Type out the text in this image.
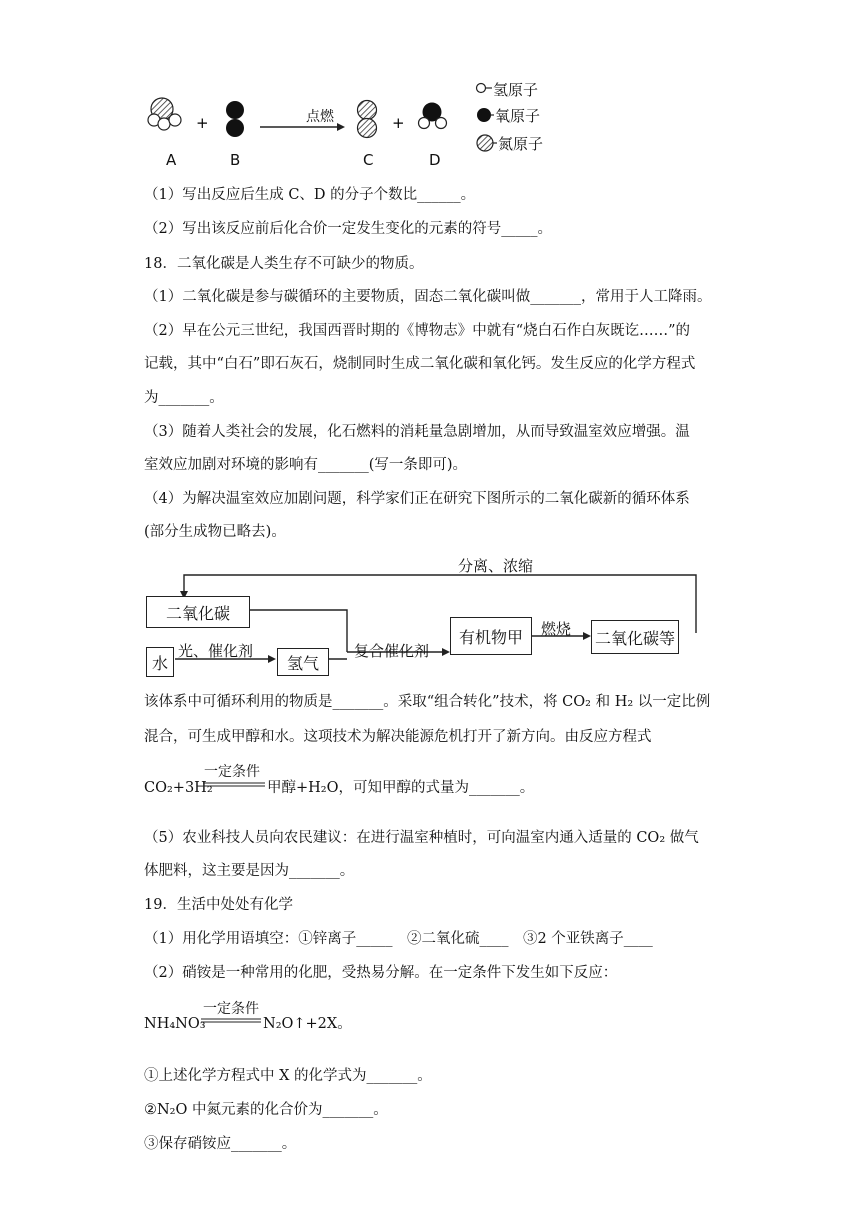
+	+
点燃
A	B	C	D
氢原子
氧原子
氮原子
（1）写出反应后生成 C、D 的分子个数比______。
（2）写出该反应前后化合价一定发生变化的元素的符号_____。
18．二氧化碳是人类生存不可缺少的物质。
（1）二氧化碳是参与碳循环的主要物质，固态二氧化碳叫做_______，常用于人工降雨。
（2）早在公元三世纪，我国西晋时期的《博物志》中就有“烧白石作白灰既讫……”的
记载，其中“白石”即石灰石，烧制同时生成二氧化碳和氧化钙。发生反应的化学方程式
为_______。
（3）随着人类社会的发展，化石燃料的消耗量急剧增加，从而导致温室效应增强。温
室效应加剧对环境的影响有_______(写一条即可)。
（4）为解决温室效应加剧问题，科学家们正在研究下图所示的二氧化碳新的循环体系
(部分生成物已略去)。
分离、浓缩
二氧化碳
水
光、催化剂
氢气
复合催化剂
有机物甲	燃烧 二氧化碳等
该体系中可循环利用的物质是_______。采取“组合转化”技术，将 CO₂ 和 H₂ 以一定比例
混合，可生成甲醇和水。这项技术为解决能源危机打开了新方向。由反应方程式
CO₂+3H₂
一定条件
甲醇+H₂O，可知甲醇的式量为_______。
（5）农业科技人员向农民建议：在进行温室种植时，可向温室内通入适量的 CO₂ 做气
体肥料，这主要是因为_______。
19．生活中处处有化学
（1）用化学用语填空：①锌离子_____　②二氧化硫____　③2 个亚铁离子____
（2）硝铵是一种常用的化肥，受热易分解。在一定条件下发生如下反应：
NH₄NO₃
一定条件
N₂O↑+2X。
①上述化学方程式中 X 的化学式为_______。
②N₂O 中氮元素的化合价为_______。
③保存硝铵应_______。
